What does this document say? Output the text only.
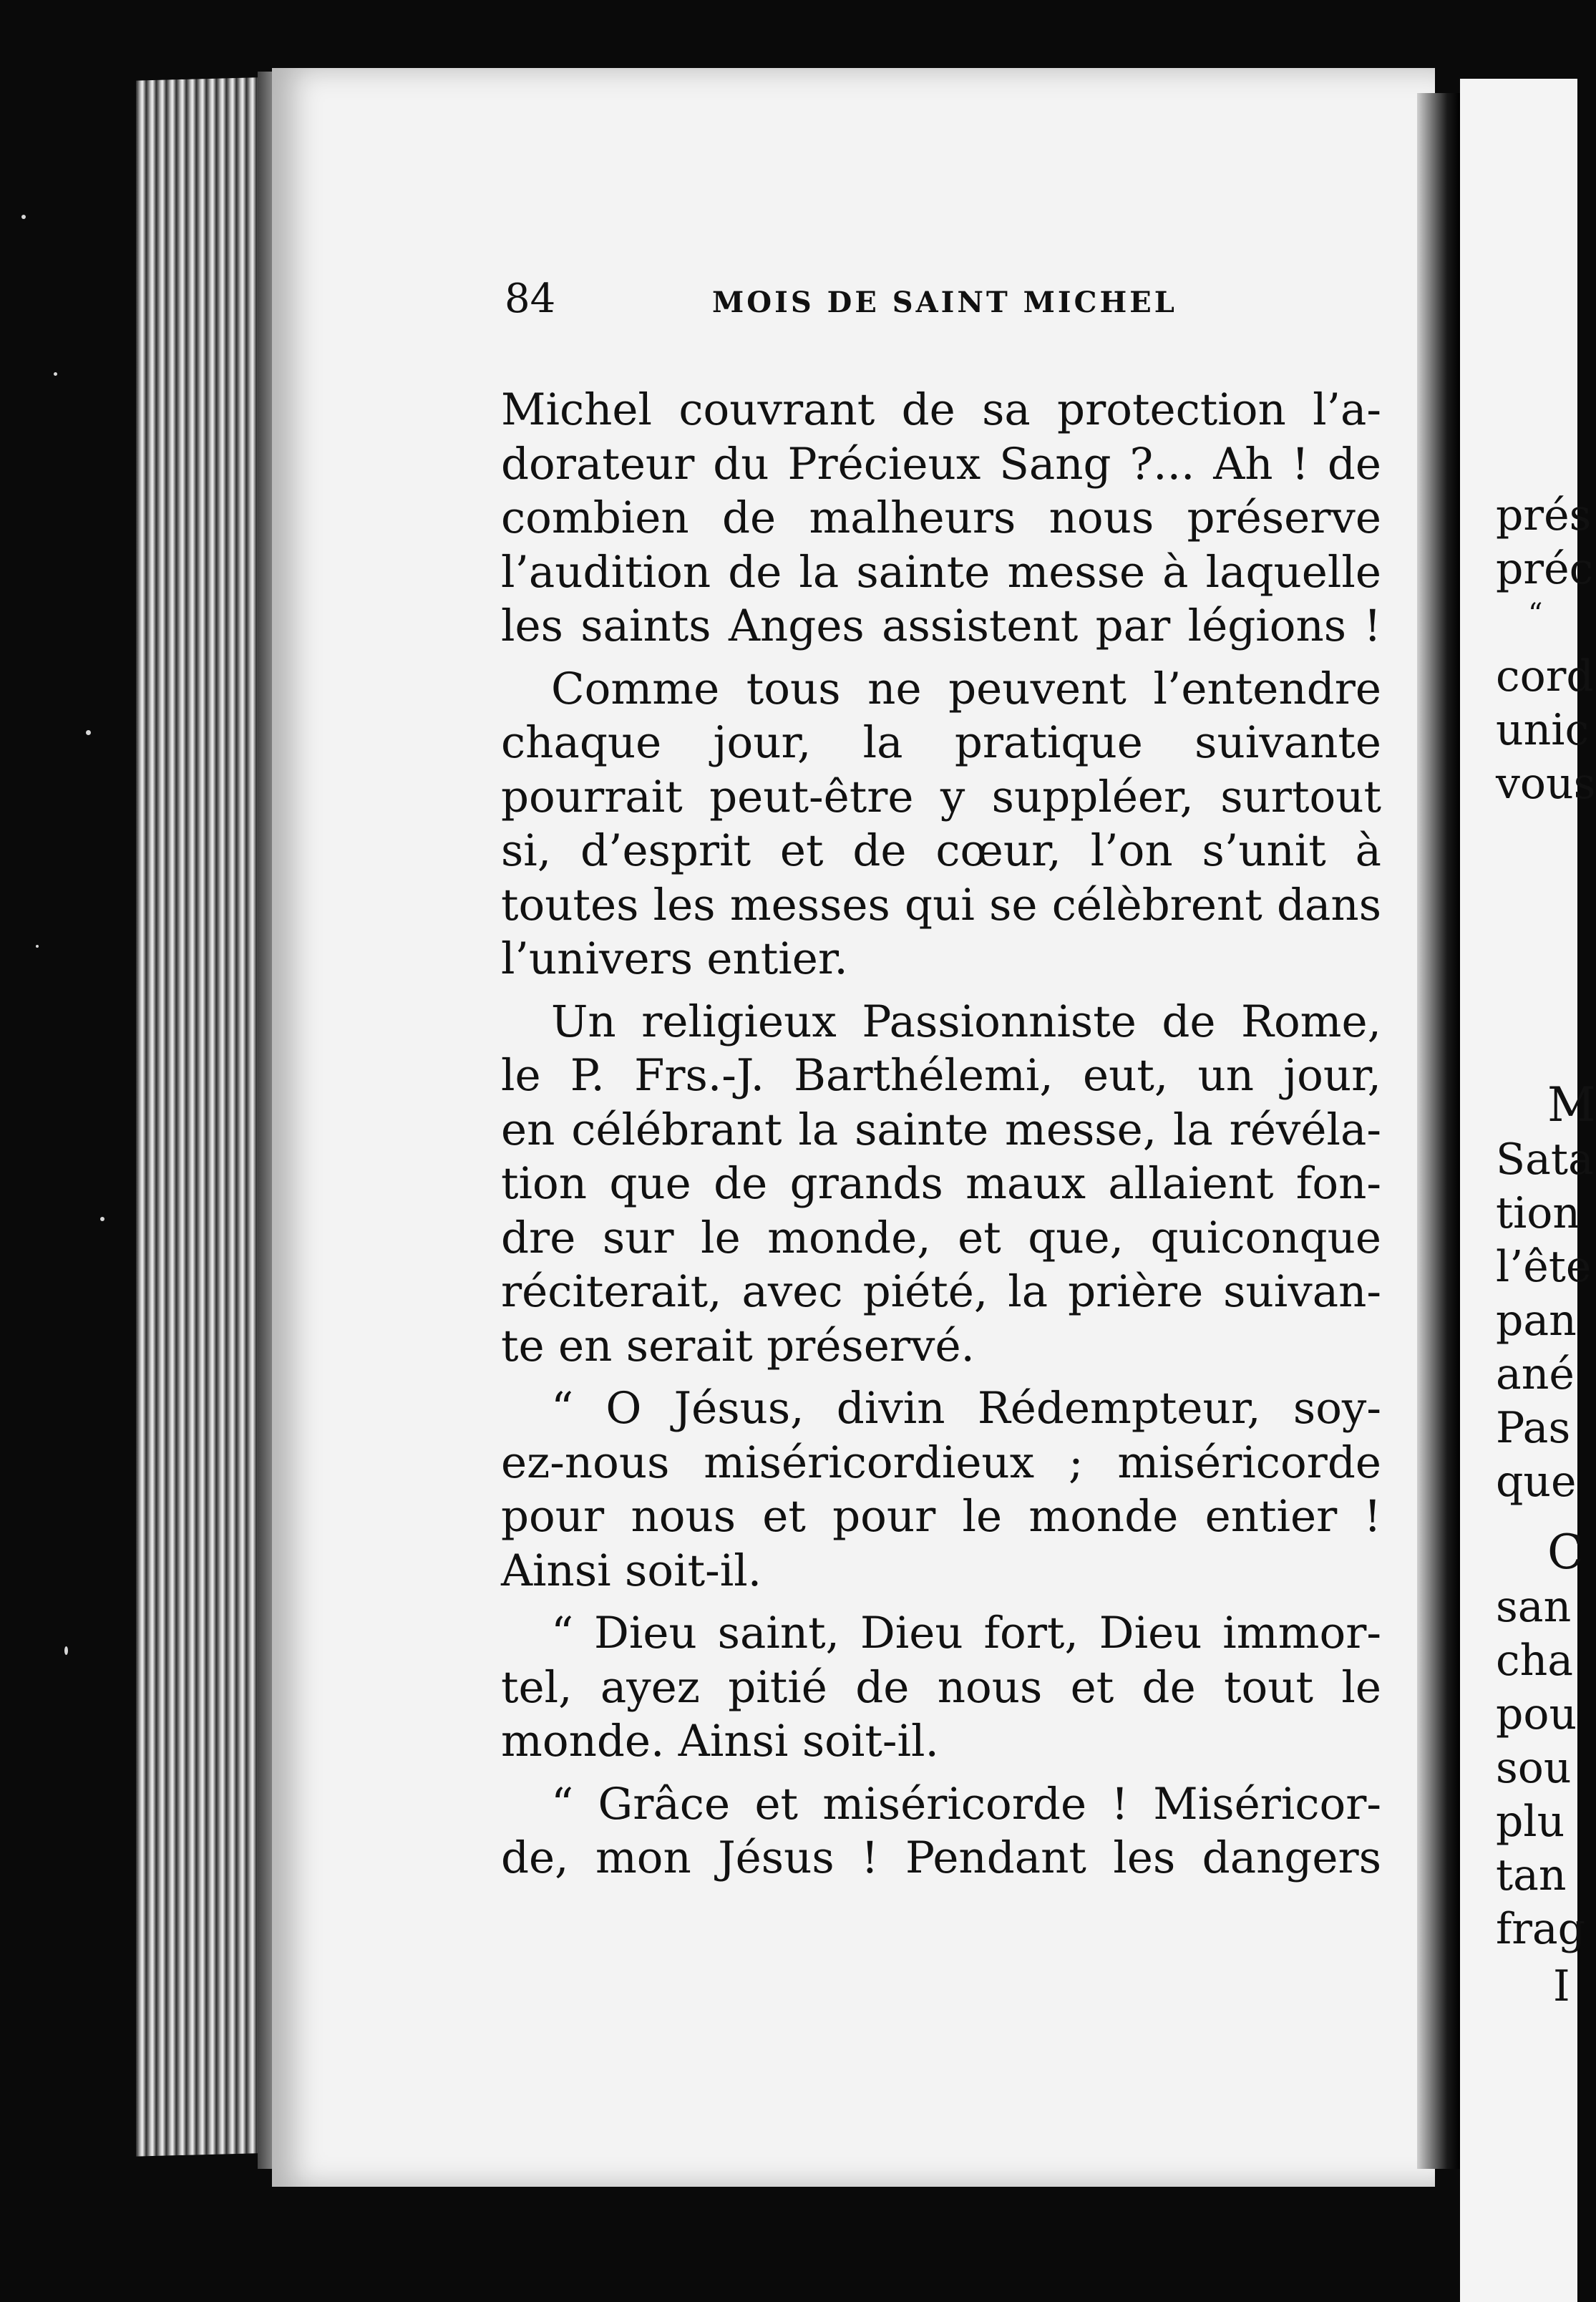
84	MOIS DE SAINT MICHEL

Michel couvrant de sa protection l’a-
dorateur du Précieux Sang ?... Ah ! de
combien de malheurs nous préserve
l’audition de la sainte messe à laquelle
les saints Anges assistent par légions !

Comme tous ne peuvent l’entendre
chaque jour, la pratique suivante
pourrait peut-être y suppléer, surtout
si, d’esprit et de cœur, l’on s’unit à
toutes les messes qui se célèbrent dans
l’univers entier.

Un religieux Passionniste de Rome,
le P. Frs.-J. Barthélemi, eut, un jour,
en célébrant la sainte messe, la révéla-
tion que de grands maux allaient fon-
dre sur le monde, et que, quiconque
réciterait, avec piété, la prière suivan-
te en serait préservé.

“ O Jésus, divin Rédempteur, soy-
ez-nous miséricordieux ; miséricorde
pour nous et pour le monde entier !
Ainsi soit-il.

“ Dieu saint, Dieu fort, Dieu immor-
tel, ayez pitié de nous et de tout le
monde. Ainsi soit-il.

“ Grâce et miséricorde ! Miséricor-
de, mon Jésus ! Pendant les dangers

prés
préc
“
cord
unic
vous
M
Sata
tion
l’ête
pan
ané
Pas
que
C
san
cha
pou
sou
plu
tan
frag
I
